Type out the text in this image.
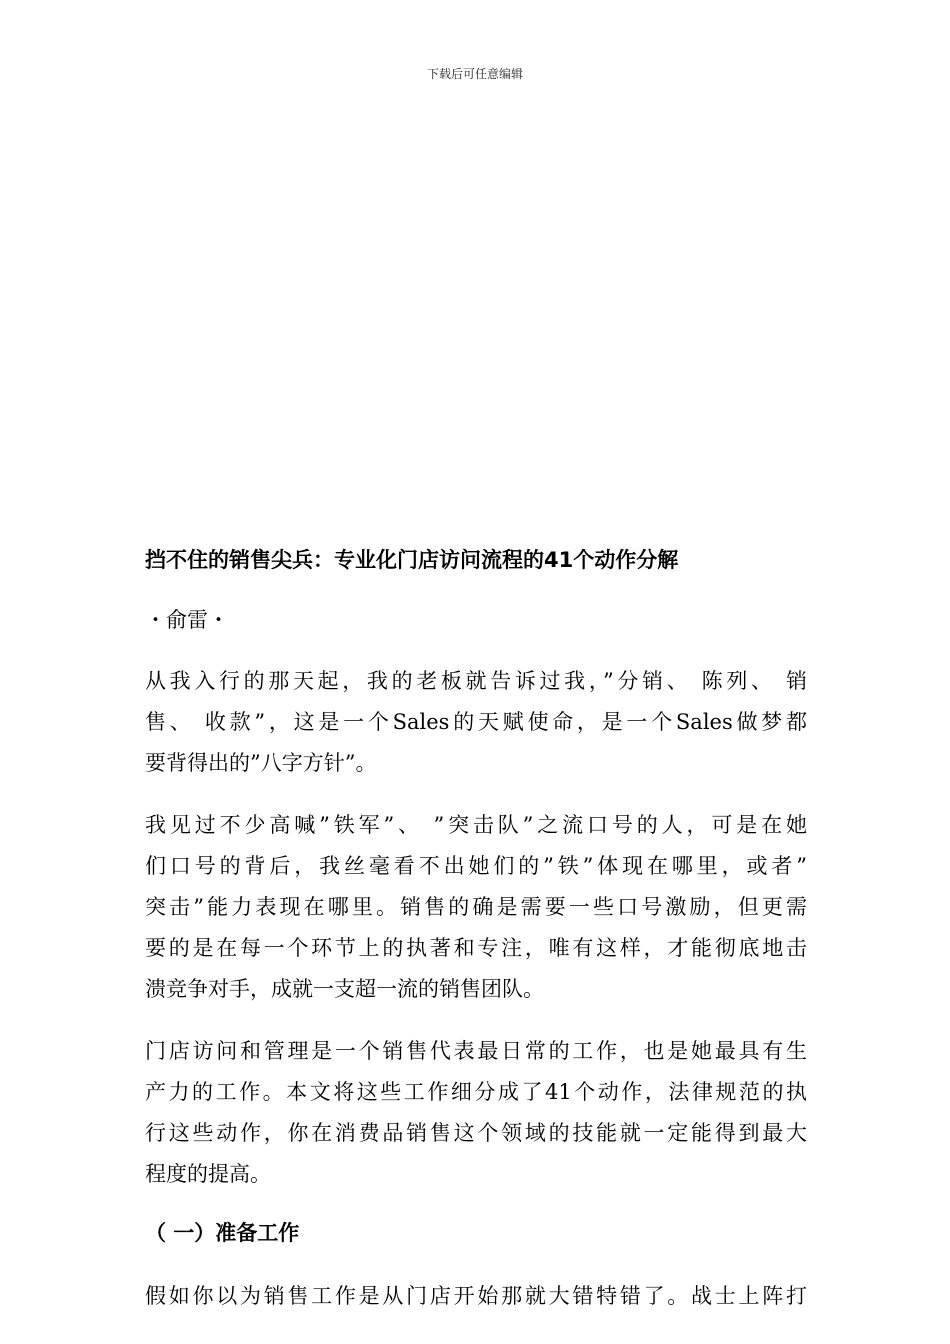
下载后可任意编辑
挡不住的销售尖兵：专业化门店访问流程的41个动作分解
・俞雷・
从我入行的那天起，我的老板就告诉过我，”分销、 陈列、 销
售、 收款”，这是一个Sales的天赋使命，是一个Sales做梦都
要背得出的”八字方针”。
我见过不少高喊”铁军”、 ”突击队”之流口号的人，可是在她
们口号的背后，我丝毫看不出她们的”铁”体现在哪里，或者”
突击”能力表现在哪里。销售的确是需要一些口号激励，但更需
要的是在每一个环节上的执著和专注，唯有这样，才能彻底地击
溃竞争对手，成就一支超一流的销售团队。
门店访问和管理是一个销售代表最日常的工作，也是她最具有生
产力的工作。本文将这些工作细分成了41个动作，法律规范的执
行这些动作，你在消费品销售这个领域的技能就一定能得到最大
程度的提高。
（ 一）准备工作
假如你以为销售工作是从门店开始那就大错特错了。战士上阵打
